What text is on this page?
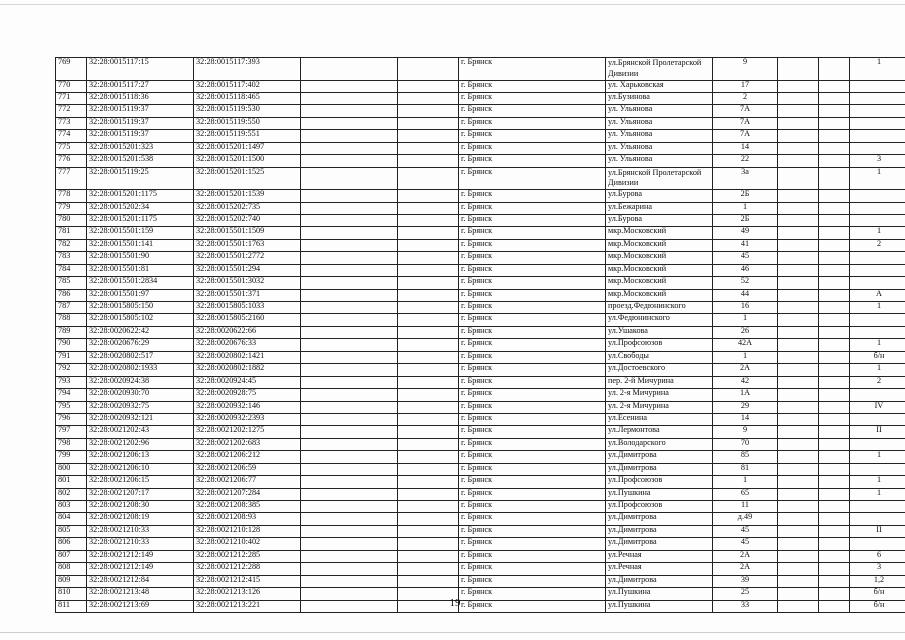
769	32:28:0015117:15	32:28:0015117:393			г. Брянск	ул.Брянской Пролетарской Дивизии	9			1
770	32:28:0015117:27	32:28:0015117:402			г. Брянск	ул. Харьковская	17			
771	32:28:0015118:36	32:28:0015118:465			г. Брянск	ул.Бузинова	2			
772	32:28:0015119:37	32:28:0015119:530			г. Брянск	ул. Ульянова	7А			
773	32:28:0015119:37	32:28:0015119:550			г. Брянск	ул. Ульянова	7А			
774	32:28:0015119:37	32:28:0015119:551			г. Брянск	ул. Ульянова	7А			
775	32:28:0015201:323	32:28:0015201:1497			г. Брянск	ул. Ульянова	14			
776	32:28:0015201:538	32:28:0015201:1500			г. Брянск	ул. Ульянова	22			3
777	32:28:0015119:25	32:28:0015201:1525			г. Брянск	ул.Брянской Пролетарской Дивизии	3а			1
778	32:28:0015201:1175	32:28:0015201:1539			г. Брянск	ул.Бурова	2Б			
779	32:28:0015202:34	32:28:0015202:735			г. Брянск	ул.Бежарина	1			
780	32:28:0015201:1175	32:28:0015202:740			г. Брянск	ул.Бурова	2Б			
781	32:28:0015501:159	32:28:0015501:1509			г. Брянск	мкр.Московский	49			1
782	32:28:0015501:141	32:28:0015501:1763			г. Брянск	мкр.Московский	41			2
783	32:28:0015501:90	32:28:0015501:2772			г. Брянск	мкр.Московский	45			
784	32:28:0015501:81	32:28:0015501:294			г. Брянск	мкр.Московский	46			
785	32:28:0015501:2834	32:28:0015501:3032			г. Брянск	мкр.Московский	52			
786	32:28:0015501:97	32:28:0015501:371			г. Брянск	мкр.Московский	44			А
787	32:28:0015805:150	32:28:0015805:1033			г. Брянск	проезд.Федюнинского	16			1
788	32:28:0015805:102	32:28:0015805:2160			г. Брянск	ул.Федюнинского	1			
789	32:28:0020622:42	32:28:0020622:66			г. Брянск	ул.Ушакова	26			
790	32:28:0020676:29	32:28:0020676:33			г. Брянск	ул.Профсоюзов	42А			1
791	32:28:0020802:517	32:28:0020802:1421			г. Брянск	ул.Свободы	1			б/н
792	32:28:0020802:1933	32:28:0020802:1882			г. Брянск	ул.Достоевского	2А			1
793	32:28:0020924:38	32:28:0020924:45			г. Брянск	пер. 2-й Мичурина	42			2
794	32:28:0020930:70	32:28:0020928:75			г. Брянск	ул. 2-я Мичурина	1А			
795	32:28:0020932:75	32:28:0020932:146			г. Брянск	ул. 2-я Мичурина	29			IV
796	32:28:0020932:121	32:28:0020932:2393			г. Брянск	ул.Есенина	14			
797	32:28:0021202:43	32:28:0021202:1275			г. Брянск	ул.Лермонтова	9			II
798	32:28:0021202:96	32:28:0021202:683			г. Брянск	ул.Володарского	70			
799	32:28:0021206:13	32:28:0021206:212			г. Брянск	ул.Димитрова	85			1
800	32:28:0021206:10	32:28:0021206:59			г. Брянск	ул.Димитрова	81			
801	32:28:0021206:15	32:28:0021206:77			г. Брянск	ул.Профсоюзов	1			1
802	32:28:0021207:17	32:28:0021207:284			г. Брянск	ул.Пушкина	65			1
803	32:28:0021208:30	32:28:0021208:385			г. Брянск	ул.Профсоюзов	11			
804	32:28:0021208:19	32:28:0021208:93			г. Брянск	ул.Димитрова	д.49			
805	32:28:0021210:33	32:28:0021210:128			г. Брянск	ул.Димитрова	45			II
806	32:28:0021210:33	32:28:0021210:402			г. Брянск	ул.Димитрова	45			
807	32:28:0021212:149	32:28:0021212:285			г. Брянск	ул.Речная	2А			6
808	32:28:0021212:149	32:28:0021212:288			г. Брянск	ул.Речная	2А			3
809	32:28:0021212:84	32:28:0021212:415			г. Брянск	ул.Димитрова	39			1,2
810	32:28:0021213:48	32:28:0021213:126			г. Брянск	ул.Пушкина	25			б/н
811	32:28:0021213:69	32:28:0021213:221			г. Брянск	ул.Пушкина	33			б/н
19
